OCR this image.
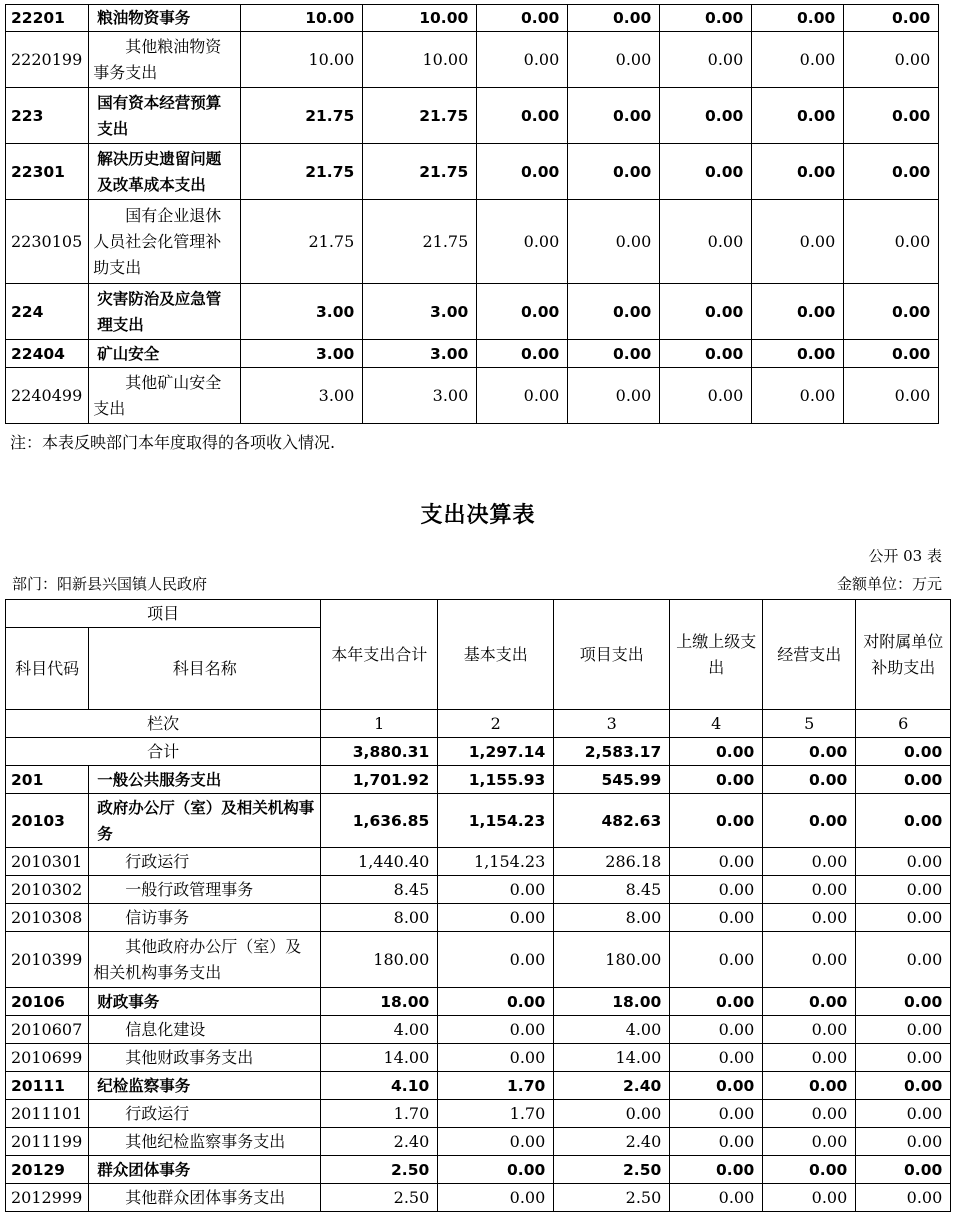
22201	粮油物资事务	10.00	10.00	0.00	0.00	0.00	0.00	0.00
2220199	其他粮油物资事务支出	10.00	10.00	0.00	0.00	0.00	0.00	0.00
223	国有资本经营预算支出	21.75	21.75	0.00	0.00	0.00	0.00	0.00
22301	解决历史遗留问题及改革成本支出	21.75	21.75	0.00	0.00	0.00	0.00	0.00
2230105	国有企业退休人员社会化管理补助支出	21.75	21.75	0.00	0.00	0.00	0.00	0.00
224	灾害防治及应急管理支出	3.00	3.00	0.00	0.00	0.00	0.00	0.00
22404	矿山安全	3.00	3.00	0.00	0.00	0.00	0.00	0.00
2240499	其他矿山安全支出	3.00	3.00	0.00	0.00	0.00	0.00	0.00
注：本表反映部门本年度取得的各项收入情况.
支出决算表
公开 03 表
部门：阳新县兴国镇人民政府	金额单位：万元
项目		本年支出合计	基本支出	项目支出	上缴上级支出	经营支出	对附属单位补助支出
科目代码	科目名称						
栏次		1	2	3	4	5	6
合计		3,880.31	1,297.14	2,583.17	0.00	0.00	0.00
201	一般公共服务支出	1,701.92	1,155.93	545.99	0.00	0.00	0.00
20103	政府办公厅（室）及相关机构事务	1,636.85	1,154.23	482.63	0.00	0.00	0.00
2010301	行政运行	1,440.40	1,154.23	286.18	0.00	0.00	0.00
2010302	一般行政管理事务	8.45	0.00	8.45	0.00	0.00	0.00
2010308	信访事务	8.00	0.00	8.00	0.00	0.00	0.00
2010399	其他政府办公厅（室）及相关机构事务支出	180.00	0.00	180.00	0.00	0.00	0.00
20106	财政事务	18.00	0.00	18.00	0.00	0.00	0.00
2010607	信息化建设	4.00	0.00	4.00	0.00	0.00	0.00
2010699	其他财政事务支出	14.00	0.00	14.00	0.00	0.00	0.00
20111	纪检监察事务	4.10	1.70	2.40	0.00	0.00	0.00
2011101	行政运行	1.70	1.70	0.00	0.00	0.00	0.00
2011199	其他纪检监察事务支出	2.40	0.00	2.40	0.00	0.00	0.00
20129	群众团体事务	2.50	0.00	2.50	0.00	0.00	0.00
2012999	其他群众团体事务支出	2.50	0.00	2.50	0.00	0.00	0.00
